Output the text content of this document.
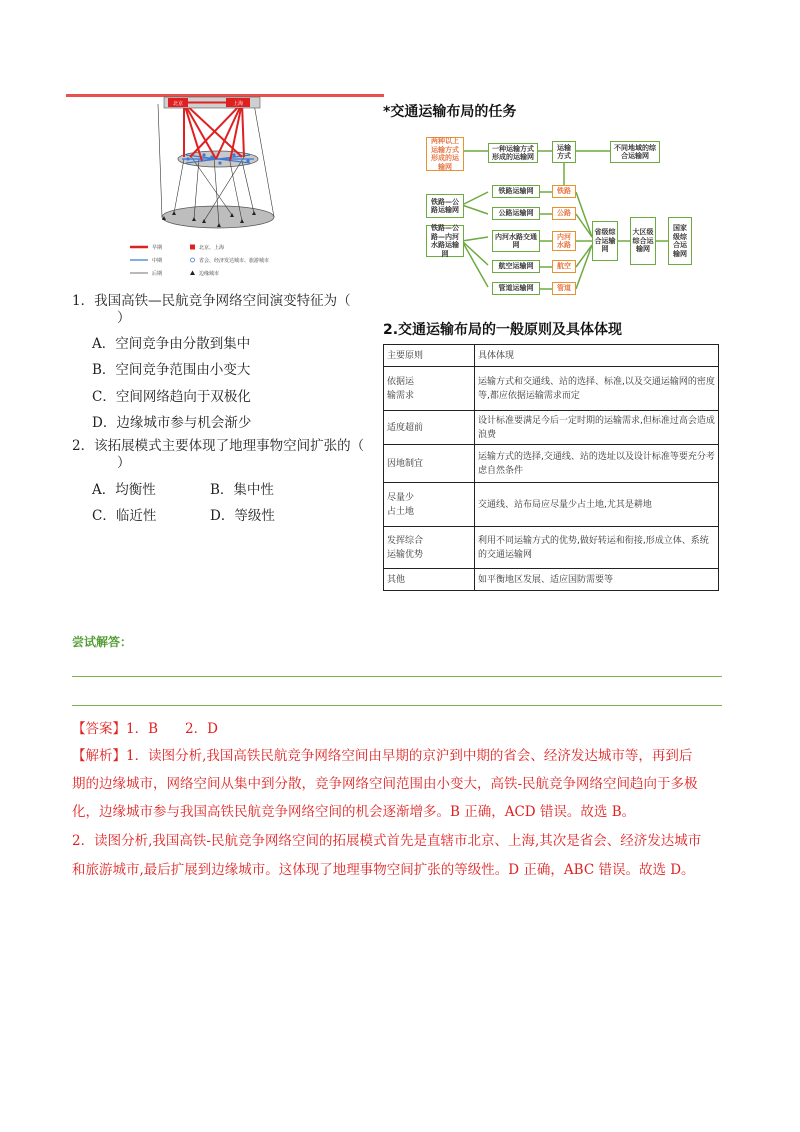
北京	上海
早期	北京、上海
中期	省会、经济发达城市、旅游城市
后期	边缘城市
1．我国高铁—民航竞争网络空间演变特征为（
）
A．空间竞争由分散到集中
B．空间竞争范围由小变大
C．空间网络趋向于双极化
D．边缘城市参与机会渐少
2．该拓展模式主要体现了地理事物空间扩张的（
）
A．均衡性	B．集中性
C．临近性	D．等级性
*交通运输布局的任务
两种以上运输方式形成的运输网
铁路—公路运输网
铁路—公路—内河水路运输网
一种运输方式形成的运输网
运输方式
不同地域的综合运输网
铁路运输网
公路运输网
内河水路交通网
航空运输网
管道运输网
铁路
公路
内河水路
航空
管道
省级综合运输网
大区级综合运输网
国家级综合运输网
2.交通运输布局的一般原则及具体体现
主要原则	具体体现
依据运
输需求	运输方式和交通线、站的选择、标准,以及交通运输网的密度等,都应依据运输需求而定
适度超前	设计标准要满足今后一定时期的运输需求,但标准过高会造成浪费
因地制宜	运输方式的选择,交通线、站的选址以及设计标准等要充分考虑自然条件
尽量少
占土地	交通线、站布局应尽量少占土地,尤其是耕地
发挥综合
运输优势	利用不同运输方式的优势,做好转运和衔接,形成立体、系统的交通运输网
其他	如平衡地区发展、适应国防需要等
尝试解答：
【答案】1．B　　2．D
【解析】1．读图分析,我国高铁民航竞争网络空间由早期的京沪到中期的省会、经济发达城市等，再到后
期的边缘城市，网络空间从集中到分散，竞争网络空间范围由小变大，高铁-民航竞争网络空间趋向于多极
化，边缘城市参与我国高铁民航竞争网络空间的机会逐渐增多。B 正确，ACD 错误。故选 B。
2．读图分析,我国高铁-民航竞争网络空间的拓展模式首先是直辖市北京、上海,其次是省会、经济发达城市
和旅游城市,最后扩展到边缘城市。这体现了地理事物空间扩张的等级性。D 正确，ABC 错误。故选 D。
